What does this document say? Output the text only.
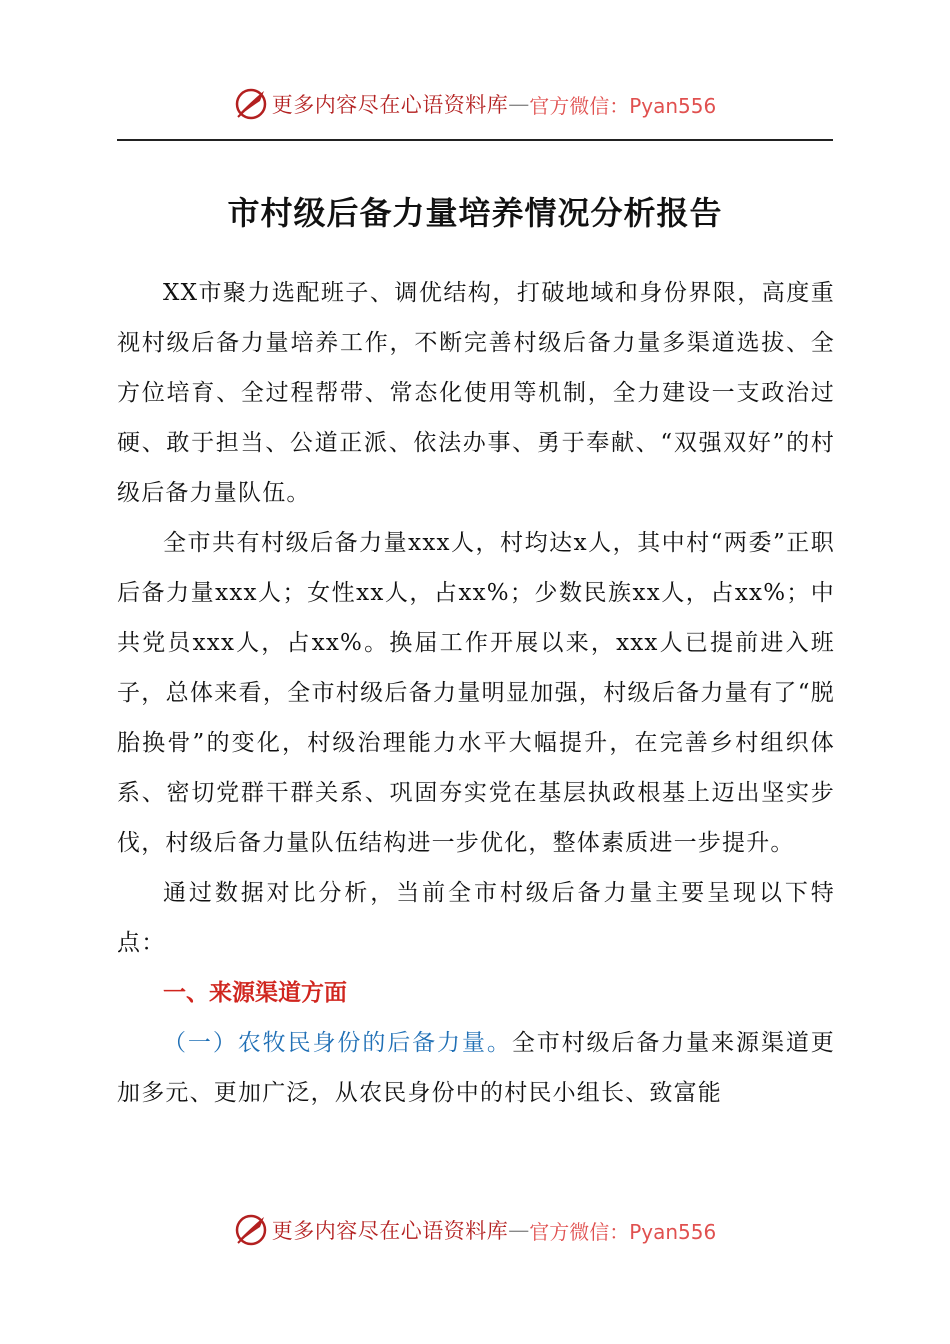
更多内容尽在心语资料库 — 官方微信：Pyan556
市村级后备力量培养情况分析报告

XX市聚力选配班子、调优结构，打破地域和身份界限，高度重视村级后备力量培养工作，不断完善村级后备力量多渠道选拔、全方位培育、全过程帮带、常态化使用等机制，全力建设一支政治过硬、敢于担当、公道正派、依法办事、勇于奉献、“双强双好”的村级后备力量队伍。

全市共有村级后备力量xxx人，村均达x人，其中村“两委”正职后备力量xxx人；女性xx人，占xx%；少数民族xx人，占xx%；中共党员xxx人，占xx%。换届工作开展以来，xxx人已提前进入班子，总体来看，全市村级后备力量明显加强，村级后备力量有了“脱胎换骨”的变化，村级治理能力水平大幅提升，在完善乡村组织体系、密切党群干群关系、巩固夯实党在基层执政根基上迈出坚实步伐，村级后备力量队伍结构进一步优化，整体素质进一步提升。

通过数据对比分析，当前全市村级后备力量主要呈现以下特点：

一、来源渠道方面

（一）农牧民身份的后备力量。全市村级后备力量来源渠道更加多元、更加广泛，从农民身份中的村民小组长、致富能

更多内容尽在心语资料库 — 官方微信：Pyan556
